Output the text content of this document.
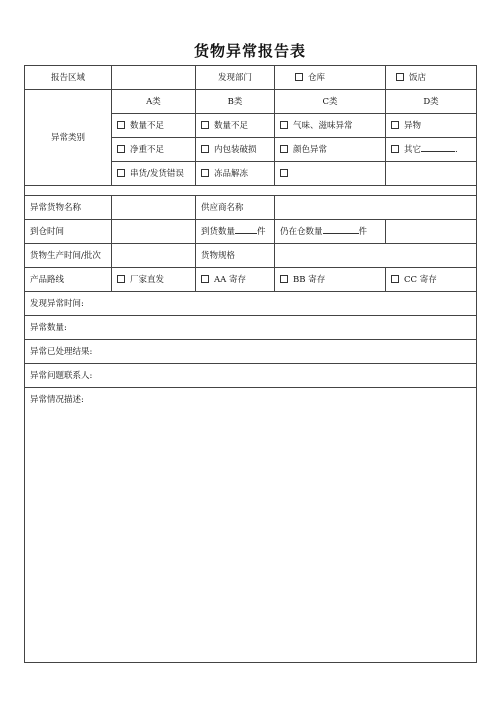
货物异常报告表
报告区域		发现部门	仓库	饭店
异常类别	A类	B类	C类	D类
	数量不足	数量不足	气味、滋味异常	异物
	净重不足	内包装破损	颜色异常	其它 .
	串货/发货错误	冻品解冻		

异常货物名称		供应商名称		
到仓时间		到货数量 件	仍在仓数量 件	
货物生产时间/批次		货物规格		
产品路线	厂家直发	AA 寄存	BB 寄存	CC 寄存
发现异常时间:				
异常数量:				
异常已处理结果:				
异常问题联系人:				
异常情况描述:				
